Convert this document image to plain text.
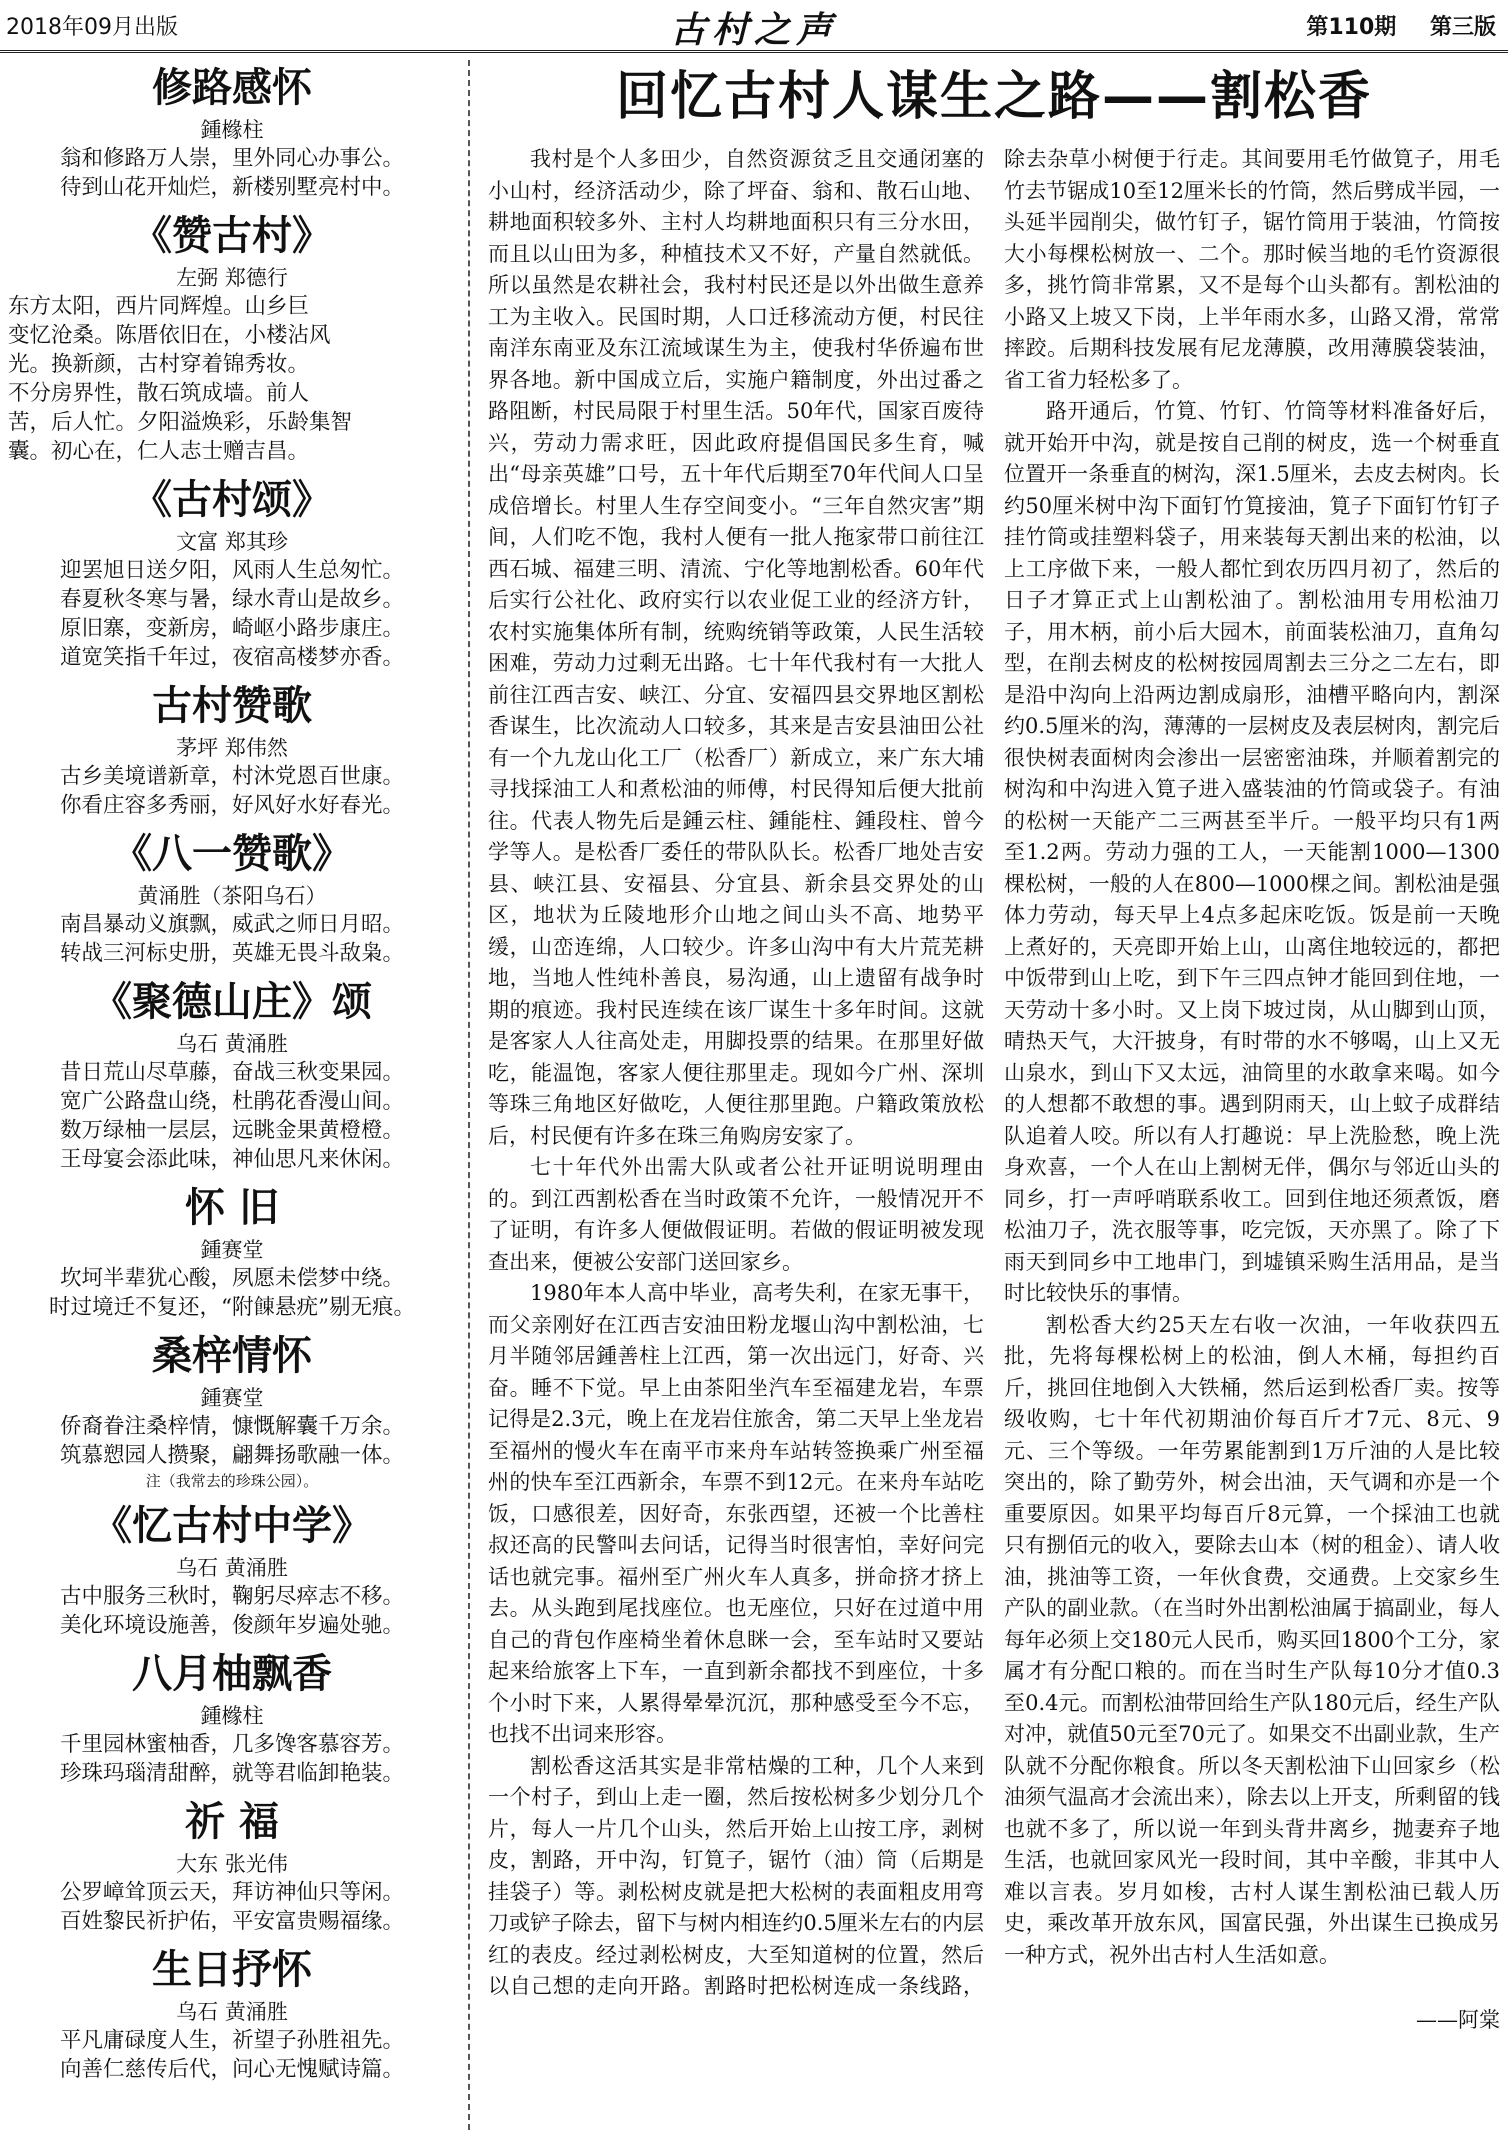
2018年09月出版	古村之声	第110期 第三版
修路感怀
鍾橼柱
翁和修路万人崇，里外同心办事公。
待到山花开灿烂，新楼别墅亮村中。
《赞古村》
左弼 郑德行
东方太阳，西片同辉煌。山乡巨
变忆沧桑。陈厝依旧在，小楼沾风
光。换新颜，古村穿着锦秀妆。
不分房界性，散石筑成墙。前人
苦，后人忙。夕阳溢焕彩，乐龄集智
囊。初心在，仁人志士赠吉昌。
《古村颂》
文富 郑其珍
迎罢旭日送夕阳，风雨人生总匆忙。
春夏秋冬寒与暑，绿水青山是故乡。
原旧寨，变新房，崎岖小路步康庄。
道宽笑指千年过，夜宿高楼梦亦香。
古村赞歌
茅坪 郑伟然
古乡美境谱新章，村沐党恩百世康。
你看庄容多秀丽，好风好水好春光。
《八一赞歌》
黄涌胜（茶阳乌石）
南昌暴动义旗飘，威武之师日月昭。
转战三河标史册，英雄无畏斗敌枭。
《聚德山庄》颂
乌石 黄涌胜
昔日荒山尽草藤，奋战三秋变果园。
宽广公路盘山绕，杜鹃花香漫山间。
数万绿柚一层层，远眺金果黄橙橙。
王母宴会添此味，神仙思凡来休闲。
怀 旧
鍾赛堂
坎坷半辈犹心酸，夙愿未偿梦中绕。
时过境迁不复还，“附𩜍悬疣”剔无痕。
桑梓情怀
鍾赛堂
侨裔眷注桑梓情，慷慨解囊千万余。
筑慕愬园人攒聚，翩舞扬歌融一体。
注（我常去的珍珠公园）。
《忆古村中学》
乌石 黄涌胜
古中服务三秋时，鞠躬尽瘁志不移。
美化环境设施善，俊颜年岁遍处驰。
八月柚飘香
鍾橼柱
千里园林蜜柚香，几多馋客慕容芳。
珍珠玛瑙清甜醉，就等君临卸艳装。
祈 福
大东 张光伟
公罗嶂耸顶云天，拜访神仙只等闲。
百姓黎民祈护佑，平安富贵赐福缘。
生日抒怀
乌石 黄涌胜
平凡庸碌度人生，祈望子孙胜祖先。
向善仁慈传后代，问心无愧赋诗篇。
回忆古村人谋生之路——割松香

我村是个人多田少，自然资源贫乏且交通闭塞的小山村，经济活动少，除了坪奋、翁和、散石山地、耕地面积较多外、主村人均耕地面积只有三分水田，而且以山田为多，种植技术又不好，产量自然就低。所以虽然是农耕社会，我村村民还是以外出做生意养工为主收入。民国时期，人口迁移流动方便，村民往南洋东南亚及东江流域谋生为主，使我村华侨遍布世界各地。新中国成立后，实施户籍制度，外出过番之路阻断，村民局限于村里生活。50年代，国家百废待兴，劳动力需求旺，因此政府提倡国民多生育，喊出“母亲英雄”口号，五十年代后期至70年代间人口呈成倍增长。村里人生存空间变小。“三年自然灾害”期间，人们吃不饱，我村人便有一批人拖家带口前往江西石城、福建三明、清流、宁化等地割松香。60年代后实行公社化、政府实行以农业促工业的经济方针，农村实施集体所有制，统购统销等政策，人民生活较困难，劳动力过剩无出路。七十年代我村有一大批人前往江西吉安、峡江、分宜、安福四县交界地区割松香谋生，比次流动人口较多，其来是吉安县油田公社有一个九龙山化工厂（松香厂）新成立，来广东大埔寻找採油工人和煮松油的师傅，村民得知后便大批前往。代表人物先后是鍾云柱、鍾能柱、鍾段柱、曾今学等人。是松香厂委任的带队队长。松香厂地处吉安县、峡江县、安福县、分宜县、新余县交界处的山区，地状为丘陵地形介山地之间山头不高、地势平缓，山峦连绵，人口较少。许多山沟中有大片荒芜耕地，当地人性纯朴善良，易沟通，山上遗留有战争时期的痕迹。我村民连续在该厂谋生十多年时间。这就是客家人人往高处走，用脚投票的结果。在那里好做吃，能温饱，客家人便往那里走。现如今广州、深圳等珠三角地区好做吃，人便往那里跑。户籍政策放松后，村民便有许多在珠三角购房安家了。

七十年代外出需大队或者公社开证明说明理由的。到江西割松香在当时政策不允许，一般情况开不了证明，有许多人便做假证明。若做的假证明被发现查出来，便被公安部门送回家乡。

1980年本人高中毕业，高考失利，在家无事干，而父亲刚好在江西吉安油田粉龙堰山沟中割松油，七月半随邻居鍾善柱上江西，第一次出远门，好奇、兴奋。睡不下觉。早上由茶阳坐汽车至福建龙岩，车票记得是2.3元，晚上在龙岩住旅舍，第二天早上坐龙岩至福州的慢火车在南平市来舟车站转签换乘广州至福州的快车至江西新余，车票不到12元。在来舟车站吃饭，口感很差，因好奇，东张西望，还被一个比善柱叔还高的民警叫去问话，记得当时很害怕，幸好问完话也就完事。福州至广州火车人真多，拼命挤才挤上去。从头跑到尾找座位。也无座位，只好在过道中用自己的背包作座椅坐着休息眯一会，至车站时又要站起来给旅客上下车，一直到新余都找不到座位，十多个小时下来，人累得晕晕沉沉，那种感受至今不忘，也找不出词来形容。

割松香这活其实是非常枯燥的工种，几个人来到一个村子，到山上走一圈，然后按松树多少划分几个片，每人一片几个山头，然后开始上山按工序，剥树皮，割路，开中沟，钉筧子，锯竹（油）筒（后期是挂袋子）等。剥松树皮就是把大松树的表面粗皮用弯刀或铲子除去，留下与树内相连约0.5厘米左右的内层红的表皮。经过剥松树皮，大至知道树的位置，然后以自己想的走向开路。割路时把松树连成一条线路，除去杂草小树便于行走。其间要用毛竹做筧子，用毛竹去节锯成10至12厘米长的竹筒，然后劈成半园，一头延半园削尖，做竹钉子，锯竹筒用于装油，竹筒按大小每棵松树放一、二个。那时候当地的毛竹资源很多，挑竹筒非常累，又不是每个山头都有。割松油的小路又上坡又下岗，上半年雨水多，山路又滑，常常摔跤。后期科技发展有尼龙薄膜，改用薄膜袋装油，省工省力轻松多了。

路开通后，竹筧、竹钉、竹筒等材料准备好后，就开始开中沟，就是按自己削的树皮，选一个树垂直位置开一条垂直的树沟，深1.5厘米，去皮去树肉。长约50厘米树中沟下面钉竹筧接油，筧子下面钉竹钉子挂竹筒或挂塑料袋子，用来装每天割出来的松油，以上工序做下来，一般人都忙到农历四月初了，然后的日子才算正式上山割松油了。割松油用专用松油刀子，用木柄，前小后大园木，前面装松油刀，直角勾型，在削去树皮的松树按园周割去三分之二左右，即是沿中沟向上沿两边割成扇形，油槽平略向内，割深约0.5厘米的沟，薄薄的一层树皮及表层树肉，割完后很快树表面树肉会渗出一层密密油珠，并顺着割完的树沟和中沟进入筧子进入盛装油的竹筒或袋子。有油的松树一天能产二三两甚至半斤。一般平均只有1两至1.2两。劳动力强的工人，一天能割1000—1300棵松树，一般的人在800—1000棵之间。割松油是强体力劳动，每天早上4点多起床吃饭。饭是前一天晚上煮好的，天亮即开始上山，山离住地较远的，都把中饭带到山上吃，到下午三四点钟才能回到住地，一天劳动十多小时。又上岗下坡过岗，从山脚到山顶，晴热天气，大汗披身，有时带的水不够喝，山上又无山泉水，到山下又太远，油筒里的水敢拿来喝。如今的人想都不敢想的事。遇到阴雨天，山上蚊子成群结队追着人咬。所以有人打趣说：早上洗脸愁，晚上洗身欢喜，一个人在山上割树无伴，偶尔与邻近山头的同乡，打一声呼哨联系收工。回到住地还须煮饭，磨松油刀子，洗衣服等事，吃完饭，天亦黑了。除了下雨天到同乡中工地串门，到墟镇采购生活用品，是当时比较快乐的事情。

割松香大约25天左右收一次油，一年收获四五批，先将每棵松树上的松油，倒人木桶，每担约百斤，挑回住地倒入大铁桶，然后运到松香厂卖。按等级收购，七十年代初期油价每百斤才7元、8元、9元、三个等级。一年劳累能割到1万斤油的人是比较突出的，除了勤劳外，树会出油，天气调和亦是一个重要原因。如果平均每百斤8元算，一个採油工也就只有捌佰元的收入，要除去山本（树的租金）、请人收油，挑油等工资，一年伙食费，交通费。上交家乡生产队的副业款。（在当时外出割松油属于搞副业，每人每年必须上交180元人民币，购买回1800个工分，家属才有分配口粮的。而在当时生产队每10分才值0.3至0.4元。而割松油带回给生产队180元后，经生产队对冲，就值50元至70元了。如果交不出副业款，生产队就不分配你粮食。所以冬天割松油下山回家乡（松油须气温高才会流出来），除去以上开支，所剩留的钱也就不多了，所以说一年到头背井离乡，抛妻弃子地生活，也就回家风光一段时间，其中辛酸，非其中人难以言表。岁月如梭，古村人谋生割松油已载人历史，乘改革开放东风，国富民强，外出谋生已换成另一种方式，祝外出古村人生活如意。

——阿棠
